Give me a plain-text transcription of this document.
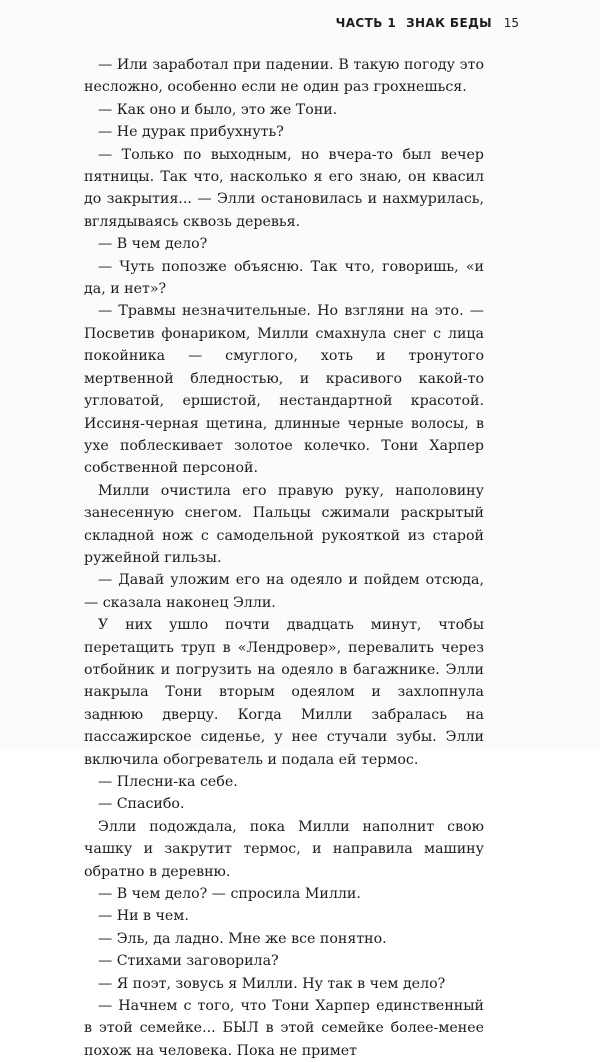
ЧАСТЬ 1 ЗНАК БЕДЫ 15

— Или заработал при падении. В такую погоду это несложно, особенно если не один раз грохнешься.

— Как оно и было, это же Тони.

— Не дурак прибухнуть?

— Только по выходным, но вчера-то был вечер пятницы. Так что, насколько я его знаю, он квасил до закрытия... — Элли остановилась и нахмурилась, вглядываясь сквозь деревья.

— В чем дело?

— Чуть попозже объясню. Так что, говоришь, «и да, и нет»?

— Травмы незначительные. Но взгляни на это. — Посветив фонариком, Милли смахнула снег с лица покойника — смуглого, хоть и тронутого мертвенной бледностью, и красивого какой-то угловатой, ершистой, нестандартной красотой. Иссиня-черная щетина, длинные черные волосы, в ухе поблескивает золотое колечко. Тони Харпер собственной персоной.

Милли очистила его правую руку, наполовину занесенную снегом. Пальцы сжимали раскрытый складной нож с самодельной рукояткой из старой ружейной гильзы.

— Давай уложим его на одеяло и пойдем отсюда, — сказала наконец Элли.

У них ушло почти двадцать минут, чтобы перетащить труп в «Лендровер», перевалить через отбойник и погрузить на одеяло в багажнике. Элли накрыла Тони вторым одеялом и захлопнула заднюю дверцу. Когда Милли забралась на пассажирское сиденье, у нее стучали зубы. Элли включила обогреватель и подала ей термос.

— Плесни-ка себе.

— Спасибо.

Элли подождала, пока Милли наполнит свою чашку и закрутит термос, и направила машину обратно в деревню.

— В чем дело? — спросила Милли.

— Ни в чем.

— Эль, да ладно. Мне же все понятно.

— Стихами заговорила?

— Я поэт, зовусь я Милли. Ну так в чем дело?

— Начнем с того, что Тони Харпер единственный в этой семейке... БЫЛ в этой семейке более-менее похож на человека. Пока не примет
